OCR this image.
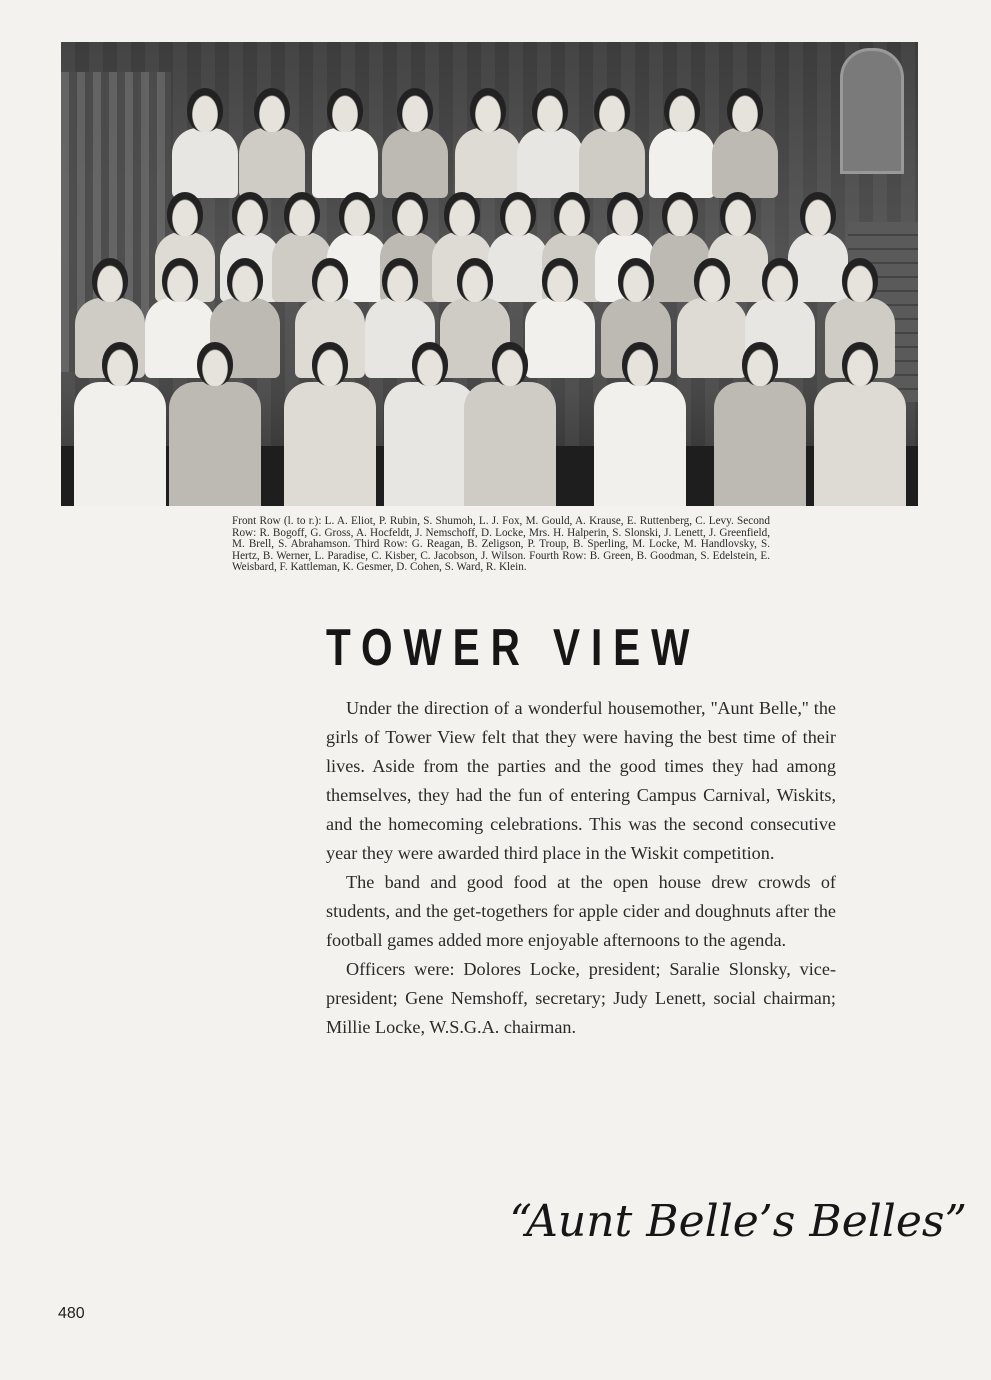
Front Row (l. to r.): L. A. Eliot, P. Rubin, S. Shumoh, L. J. Fox, M. Gould, A. Krause, E. Ruttenberg, C. Levy. Second Row: R. Bogoff, G. Gross, A. Hocfeldt, J. Nemschoff, D. Locke, Mrs. H. Halperin, S. Slonski, J. Lenett, J. Greenfield, M. Brell, S. Abrahamson. Third Row: G. Reagan, B. Zeligson, P. Troup, B. Sperling, M. Locke, M. Handlovsky, S. Hertz, B. Werner, L. Paradise, C. Kisber, C. Jacobson, J. Wilson. Fourth Row: B. Green, B. Goodman, S. Edelstein, E. Weisbard, F. Kattleman, K. Gesmer, D. Cohen, S. Ward, R. Klein.

TOWER VIEW

Under the direction of a wonderful housemother, ''Aunt Belle,'' the girls of Tower View felt that they were having the best time of their lives. Aside from the parties and the good times they had among themselves, they had the fun of entering Campus Carnival, Wiskits, and the homecoming celebrations. This was the second consecutive year they were awarded third place in the Wiskit competition.

The band and good food at the open house drew crowds of students, and the get-togethers for apple cider and doughnuts after the football games added more enjoyable afternoons to the agenda.

Officers were: Dolores Locke, president; Saralie Slonsky, vice-president; Gene Nemshoff, secretary; Judy Lenett, social chairman; Millie Locke, W.S.G.A. chairman.

“Aunt Belle’s Belles”
480
